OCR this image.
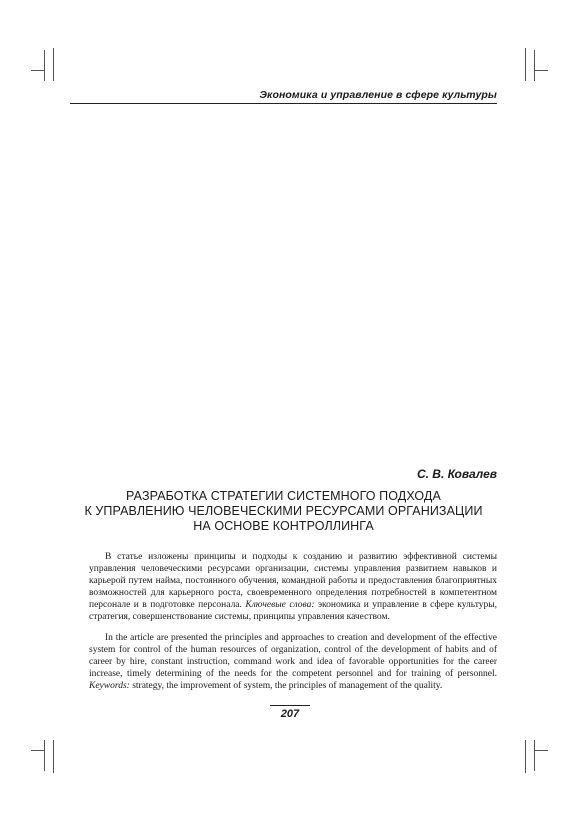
Экономика и управление в сфере культуры
С. В. Ковалев
РАЗРАБОТКА СТРАТЕГИИ СИСТЕМНОГО ПОДХОДА
К УПРАВЛЕНИЮ ЧЕЛОВЕЧЕСКИМИ РЕСУРСАМИ ОРГАНИЗАЦИИ
НА ОСНОВЕ КОНТРОЛЛИНГА

В статье изложены принципы и подходы к созданию и развитию эффективной системы управления человеческими ресурсами организации, системы управления развитием навыков и карьерой путем найма, постоянного обучения, командной работы и предоставления благоприятных возможностей для карьерного роста, своевременного определения потребностей в компетентном персонале и в подготовке персонала. Ключевые слова: экономика и управление в сфере культуры, стратегия, совершенствование системы, принципы управления качеством.

In the article are presented the principles and approaches to creation and development of the effective system for control of the human resources of organization, control of the development of habits and of career by hire, constant instruction, command work and idea of favorable opportunities for the career increase, timely determining of the needs for the competent personnel and for training of personnel. Keywords: strategy, the improvement of system, the principles of management of the quality.

207
